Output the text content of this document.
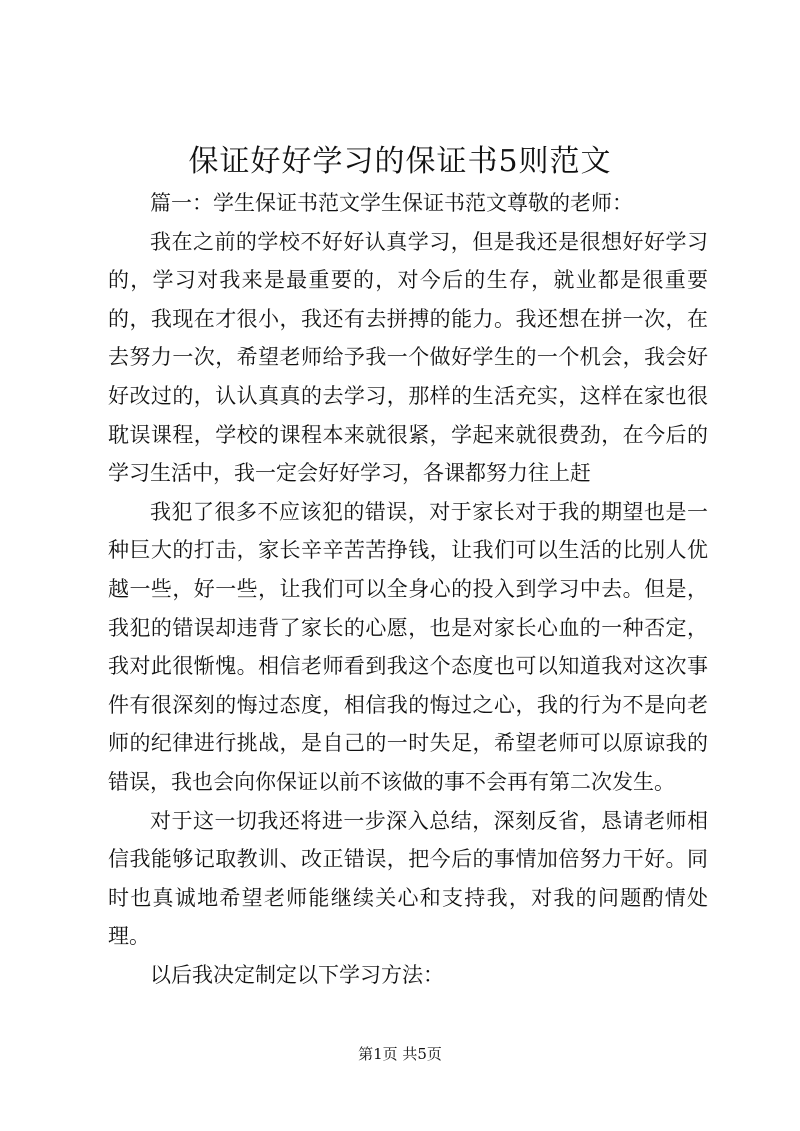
保证好好学习的保证书5则范文

篇一：学生保证书范文学生保证书范文尊敬的老师：

我在之前的学校不好好认真学习，但是我还是很想好好学习的，学习对我来是最重要的，对今后的生存，就业都是很重要的，我现在才很小，我还有去拼搏的能力。我还想在拼一次，在去努力一次，希望老师给予我一个做好学生的一个机会，我会好好改过的，认认真真的去学习，那样的生活充实，这样在家也很耽误课程，学校的课程本来就很紧，学起来就很费劲，在今后的学习生活中，我一定会好好学习，各课都努力往上赶

我犯了很多不应该犯的错误，对于家长对于我的期望也是一种巨大的打击，家长辛辛苦苦挣钱，让我们可以生活的比别人优越一些，好一些，让我们可以全身心的投入到学习中去。但是，我犯的错误却违背了家长的心愿，也是对家长心血的一种否定，我对此很惭愧。相信老师看到我这个态度也可以知道我对这次事件有很深刻的悔过态度，相信我的悔过之心，我的行为不是向老师的纪律进行挑战，是自己的一时失足，希望老师可以原谅我的错误，我也会向你保证以前不该做的事不会再有第二次发生。

对于这一切我还将进一步深入总结，深刻反省，恳请老师相信我能够记取教训、改正错误，把今后的事情加倍努力干好。同时也真诚地希望老师能继续关心和支持我，对我的问题酌情处理。

以后我决定制定以下学习方法：

第1页 共5页
